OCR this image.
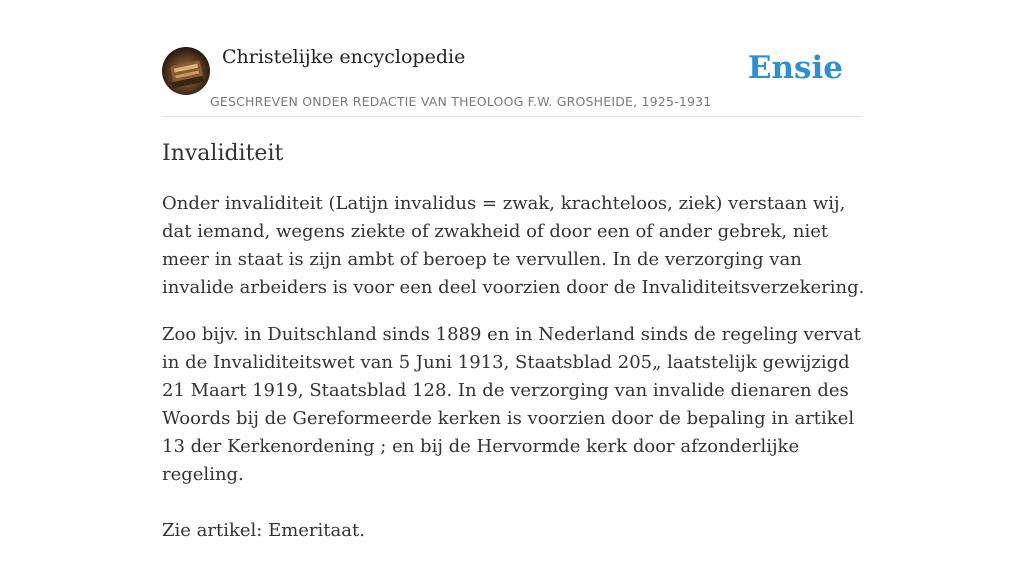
Christelijke encyclopedie
GESCHREVEN ONDER REDACTIE VAN THEOLOOG F.W. GROSHEIDE, 1925-1931
Ensie
Invaliditeit

Onder invaliditeit (Latijn invalidus = zwak, krachteloos, ziek) verstaan wij, dat iemand, wegens ziekte of zwakheid of door een of ander gebrek, niet meer in staat is zijn ambt of beroep te vervullen. In de verzorging van invalide arbeiders is voor een deel voorzien door de Invaliditeitsverzekering.

Zoo bijv. in Duitschland sinds 1889 en in Nederland sinds de regeling vervat in de Invaliditeitswet van 5 Juni 1913, Staatsblad 205„ laatstelijk gewijzigd 21 Maart 1919, Staatsblad 128. In de verzorging van invalide dienaren des Woords bij de Gereformeerde kerken is voorzien door de bepaling in artikel 13 der Kerkenordening ; en bij de Hervormde kerk door afzonderlijke regeling.

Zie artikel: Emeritaat.
